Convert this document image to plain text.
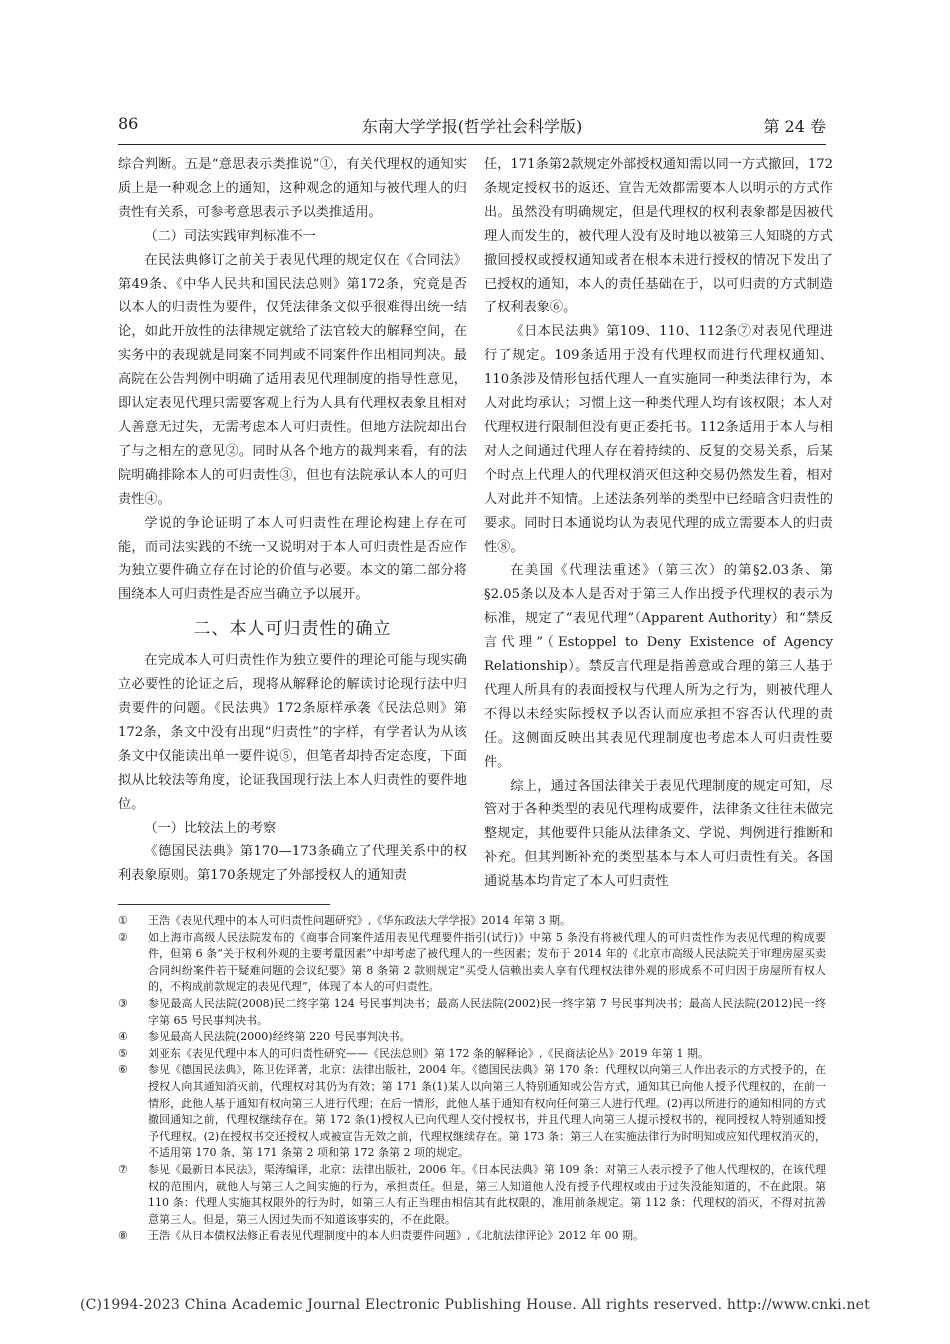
86	东南大学学报(哲学社会科学版)	第 24 卷

综合判断。五是“意思表示类推说”①，有关代理权的通知实质上是一种观念上的通知，这种观念的通知与被代理人的归责性有关系，可参考意思表示予以类推适用。

（二）司法实践审判标准不一

在民法典修订之前关于表见代理的规定仅在《合同法》第49条、《中华人民共和国民法总则》第172条，究竟是否以本人的归责性为要件，仅凭法律条文似乎很难得出统一结论，如此开放性的法律规定就给了法官较大的解释空间，在实务中的表现就是同案不同判或不同案件作出相同判决。最高院在公告判例中明确了适用表见代理制度的指导性意见，即认定表见代理只需要客观上行为人具有代理权表象且相对人善意无过失，无需考虑本人可归责性。但地方法院却出台了与之相左的意见②。同时从各个地方的裁判来看，有的法院明确排除本人的可归责性③，但也有法院承认本人的可归责性④。

学说的争论证明了本人可归责性在理论构建上存在可能，而司法实践的不统一又说明对于本人可归责性是否应作为独立要件确立存在讨论的价值与必要。本文的第二部分将围绕本人可归责性是否应当确立予以展开。

二、本人可归责性的确立

在完成本人可归责性作为独立要件的理论可能与现实确立必要性的论证之后，现将从解释论的解读讨论现行法中归责要件的问题。《民法典》172条原样承袭《民法总则》第172条，条文中没有出现“归责性”的字样，有学者认为从该条文中仅能读出单一要件说⑤，但笔者却持否定态度，下面拟从比较法等角度，论证我国现行法上本人归责性的要件地位。

（一）比较法上的考察

《德国民法典》第170—173条确立了代理关系中的权利表象原则。第170条规定了外部授权人的通知责

任，171条第2款规定外部授权通知需以同一方式撤回，172条规定授权书的返还、宣告无效都需要本人以明示的方式作出。虽然没有明确规定，但是代理权的权利表象都是因被代理人而发生的，被代理人没有及时地以被第三人知晓的方式撤回授权或授权通知或者在根本未进行授权的情况下发出了已授权的通知，本人的责任基础在于，以可归责的方式制造了权利表象⑥。

《日本民法典》第109、110、112条⑦对表见代理进行了规定。109条适用于没有代理权而进行代理权通知、110条涉及情形包括代理人一直实施同一种类法律行为，本人对此均承认；习惯上这一种类代理人均有该权限；本人对代理权进行限制但没有更正委托书。112条适用于本人与相对人之间通过代理人存在着持续的、反复的交易关系，后某个时点上代理人的代理权消灭但这种交易仍然发生着，相对人对此并不知情。上述法条列举的类型中已经暗含归责性的要求。同时日本通说均认为表见代理的成立需要本人的归责性⑧。

在美国《代理法重述》（第三次）的第§2.03条、第§2.05条以及本人是否对于第三人作出授予代理权的表示为标准，规定了“表见代理”（Apparent Authority）和“禁反言代理”（Estoppel to Deny Existence of Agency Relationship）。禁反言代理是指善意或合理的第三人基于代理人所具有的表面授权与代理人所为之行为，则被代理人不得以未经实际授权予以否认而应承担不容否认代理的责任。这侧面反映出其表见代理制度也考虑本人可归责性要件。

综上，通过各国法律关于表见代理制度的规定可知，尽管对于各种类型的表见代理构成要件，法律条文往往未做完整规定，其他要件只能从法律条文、学说、判例进行推断和补充。但其判断补充的类型基本与本人可归责性有关。各国通说基本均肯定了本人可归责性

① 王浩《表见代理中的本人可归责性问题研究》,《华东政法大学学报》2014 年第 3 期。
② 如上海市高级人民法院发布的《商事合同案件适用表见代理要件指引(试行)》中第 5 条没有将被代理人的可归责性作为表见代理的构成要件，但第 6 条“关于权利外观的主要考量因素”中却考虑了被代理人的一些因素；发布于 2014 年的《北京市高级人民法院关于审理房屋买卖合同纠纷案件若干疑难问题的会议纪要》第 8 条第 2 款则规定“买受人信赖出卖人享有代理权法律外观的形成系不可归因于房屋所有权人的，不构成前款规定的表见代理”，体现了本人的可归责性。
③ 参见最高人民法院(2008)民二终字第 124 号民事判决书；最高人民法院(2002)民一终字第 7 号民事判决书；最高人民法院(2012)民一终字第 65 号民事判决书。
④ 参见最高人民法院(2000)经终第 220 号民事判决书。
⑤ 刘亚东《表见代理中本人的可归责性研究——《民法总则》第 172 条的解释论》,《民商法论丛》2019 年第 1 期。
⑥ 参见《德国民法典》，陈卫佐译著，北京：法律出版社，2004 年。《德国民法典》第 170 条：代理权以向第三人作出表示的方式授予的，在授权人向其通知消灭前，代理权对其仍为有效；第 171 条(1)某人以向第三人特别通知或公告方式，通知其已向他人授予代理权的，在前一情形，此他人基于通知有权向第三人进行代理；在后一情形，此他人基于通知有权向任何第三人进行代理。(2)再以所进行的通知相同的方式撤回通知之前，代理权继续存在。第 172 条(1)授权人已向代理人交付授权书，并且代理人向第三人提示授权书的，视同授权人特别通知授予代理权。(2)在授权书交还授权人或被宣告无效之前，代理权继续存在。第 173 条：第三人在实施法律行为时明知或应知代理权消灭的，不适用第 170 条、第 171 条第 2 项和第 172 条第 2 项的规定。
⑦ 参见《最新日本民法》，渠涛编译，北京：法律出版社，2006 年。《日本民法典》第 109 条：对第三人表示授予了他人代理权的，在该代理权的范围内，就他人与第三人之间实施的行为，承担责任。但是，第三人知道他人没有授予代理权或由于过失没能知道的，不在此限。第 110 条：代理人实施其权限外的行为时，如第三人有正当理由相信其有此权限的，准用前条规定。第 112 条：代理权的消灭，不得对抗善意第三人。但是，第三人因过失而不知道该事实的，不在此限。
⑧ 王浩《从日本债权法修正看表见代理制度中的本人归责要件问题》,《北航法律评论》2012 年 00 期。
(C)1994-2023 China Academic Journal Electronic Publishing House. All rights reserved. http://www.cnki.net
